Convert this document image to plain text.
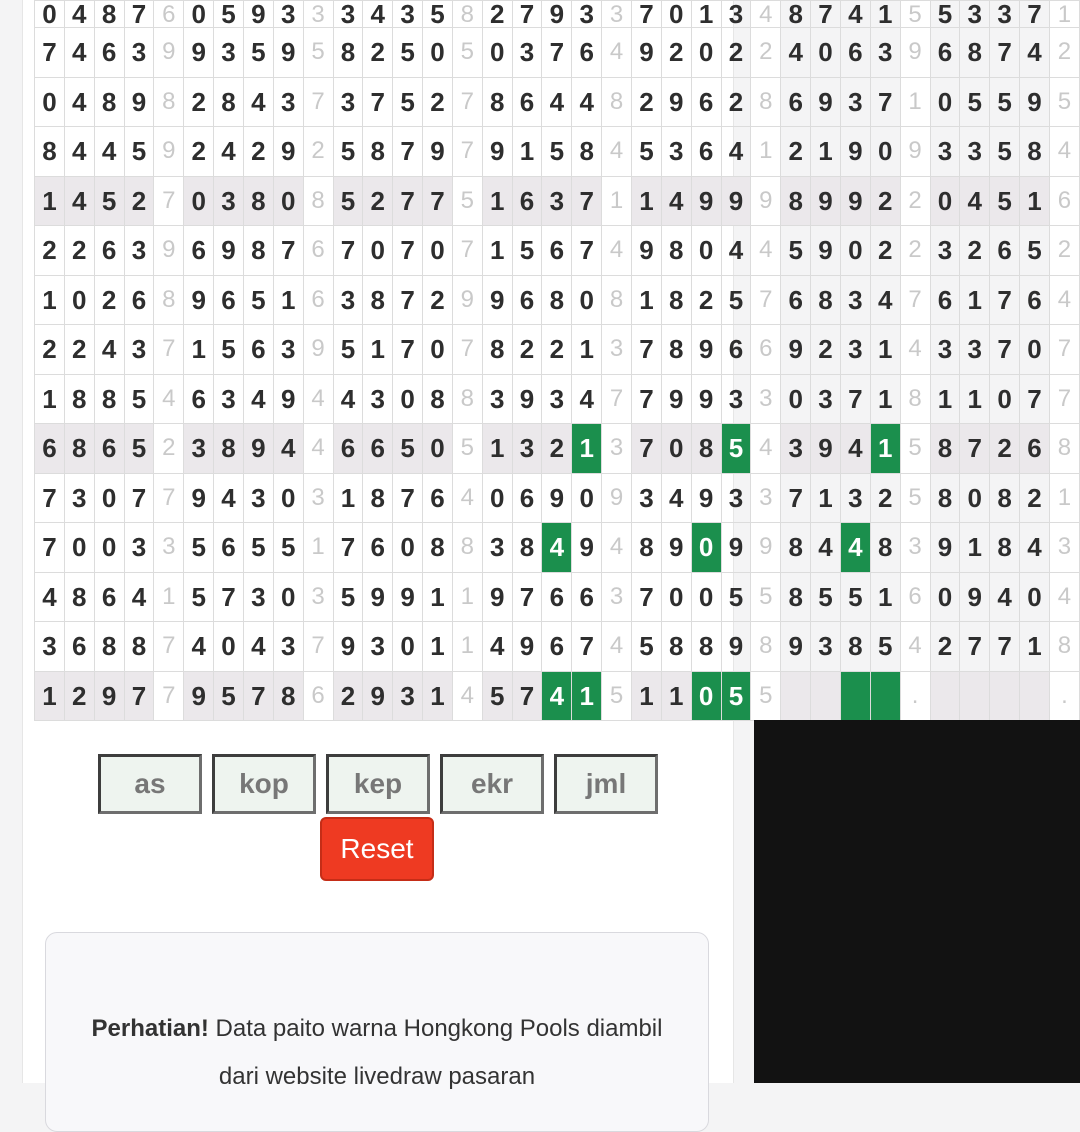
0	4	8	7	6	0	5	9	3	3	3	4	3	5	8	2	7	9	3	3	7	0	1	3	4	8	7	4	1	5	5	3	3	7	1
7	4	6	3	9	9	3	5	9	5	8	2	5	0	5	0	3	7	6	4	9	2	0	2	2	4	0	6	3	9	6	8	7	4	2
0	4	8	9	8	2	8	4	3	7	3	7	5	2	7	8	6	4	4	8	2	9	6	2	8	6	9	3	7	1	0	5	5	9	5
8	4	4	5	9	2	4	2	9	2	5	8	7	9	7	9	1	5	8	4	5	3	6	4	1	2	1	9	0	9	3	3	5	8	4
1	4	5	2	7	0	3	8	0	8	5	2	7	7	5	1	6	3	7	1	1	4	9	9	9	8	9	9	2	2	0	4	5	1	6
2	2	6	3	9	6	9	8	7	6	7	0	7	0	7	1	5	6	7	4	9	8	0	4	4	5	9	0	2	2	3	2	6	5	2
1	0	2	6	8	9	6	5	1	6	3	8	7	2	9	9	6	8	0	8	1	8	2	5	7	6	8	3	4	7	6	1	7	6	4
2	2	4	3	7	1	5	6	3	9	5	1	7	0	7	8	2	2	1	3	7	8	9	6	6	9	2	3	1	4	3	3	7	0	7
1	8	8	5	4	6	3	4	9	4	4	3	0	8	8	3	9	3	4	7	7	9	9	3	3	0	3	7	1	8	1	1	0	7	7
6	8	6	5	2	3	8	9	4	4	6	6	5	0	5	1	3	2	1	3	7	0	8	5	4	3	9	4	1	5	8	7	2	6	8
7	3	0	7	7	9	4	3	0	3	1	8	7	6	4	0	6	9	0	9	3	4	9	3	3	7	1	3	2	5	8	0	8	2	1
7	0	0	3	3	5	6	5	5	1	7	6	0	8	8	3	8	4	9	4	8	9	0	9	9	8	4	4	8	3	9	1	8	4	3
4	8	6	4	1	5	7	3	0	3	5	9	9	1	1	9	7	6	6	3	7	0	0	5	5	8	5	5	1	6	0	9	4	0	4
3	6	8	8	7	4	0	4	3	7	9	3	0	1	1	4	9	6	7	4	5	8	8	9	8	9	3	8	5	4	2	7	7	1	8
1	2	9	7	7	9	5	7	8	6	2	9	3	1	4	5	7	4	1	5	1	1	0	5	5					.					.
as	kop	kep	ekr	jml
Reset

Perhatian! Data paito warna Hongkong Pools diambil dari website livedraw pasaran
